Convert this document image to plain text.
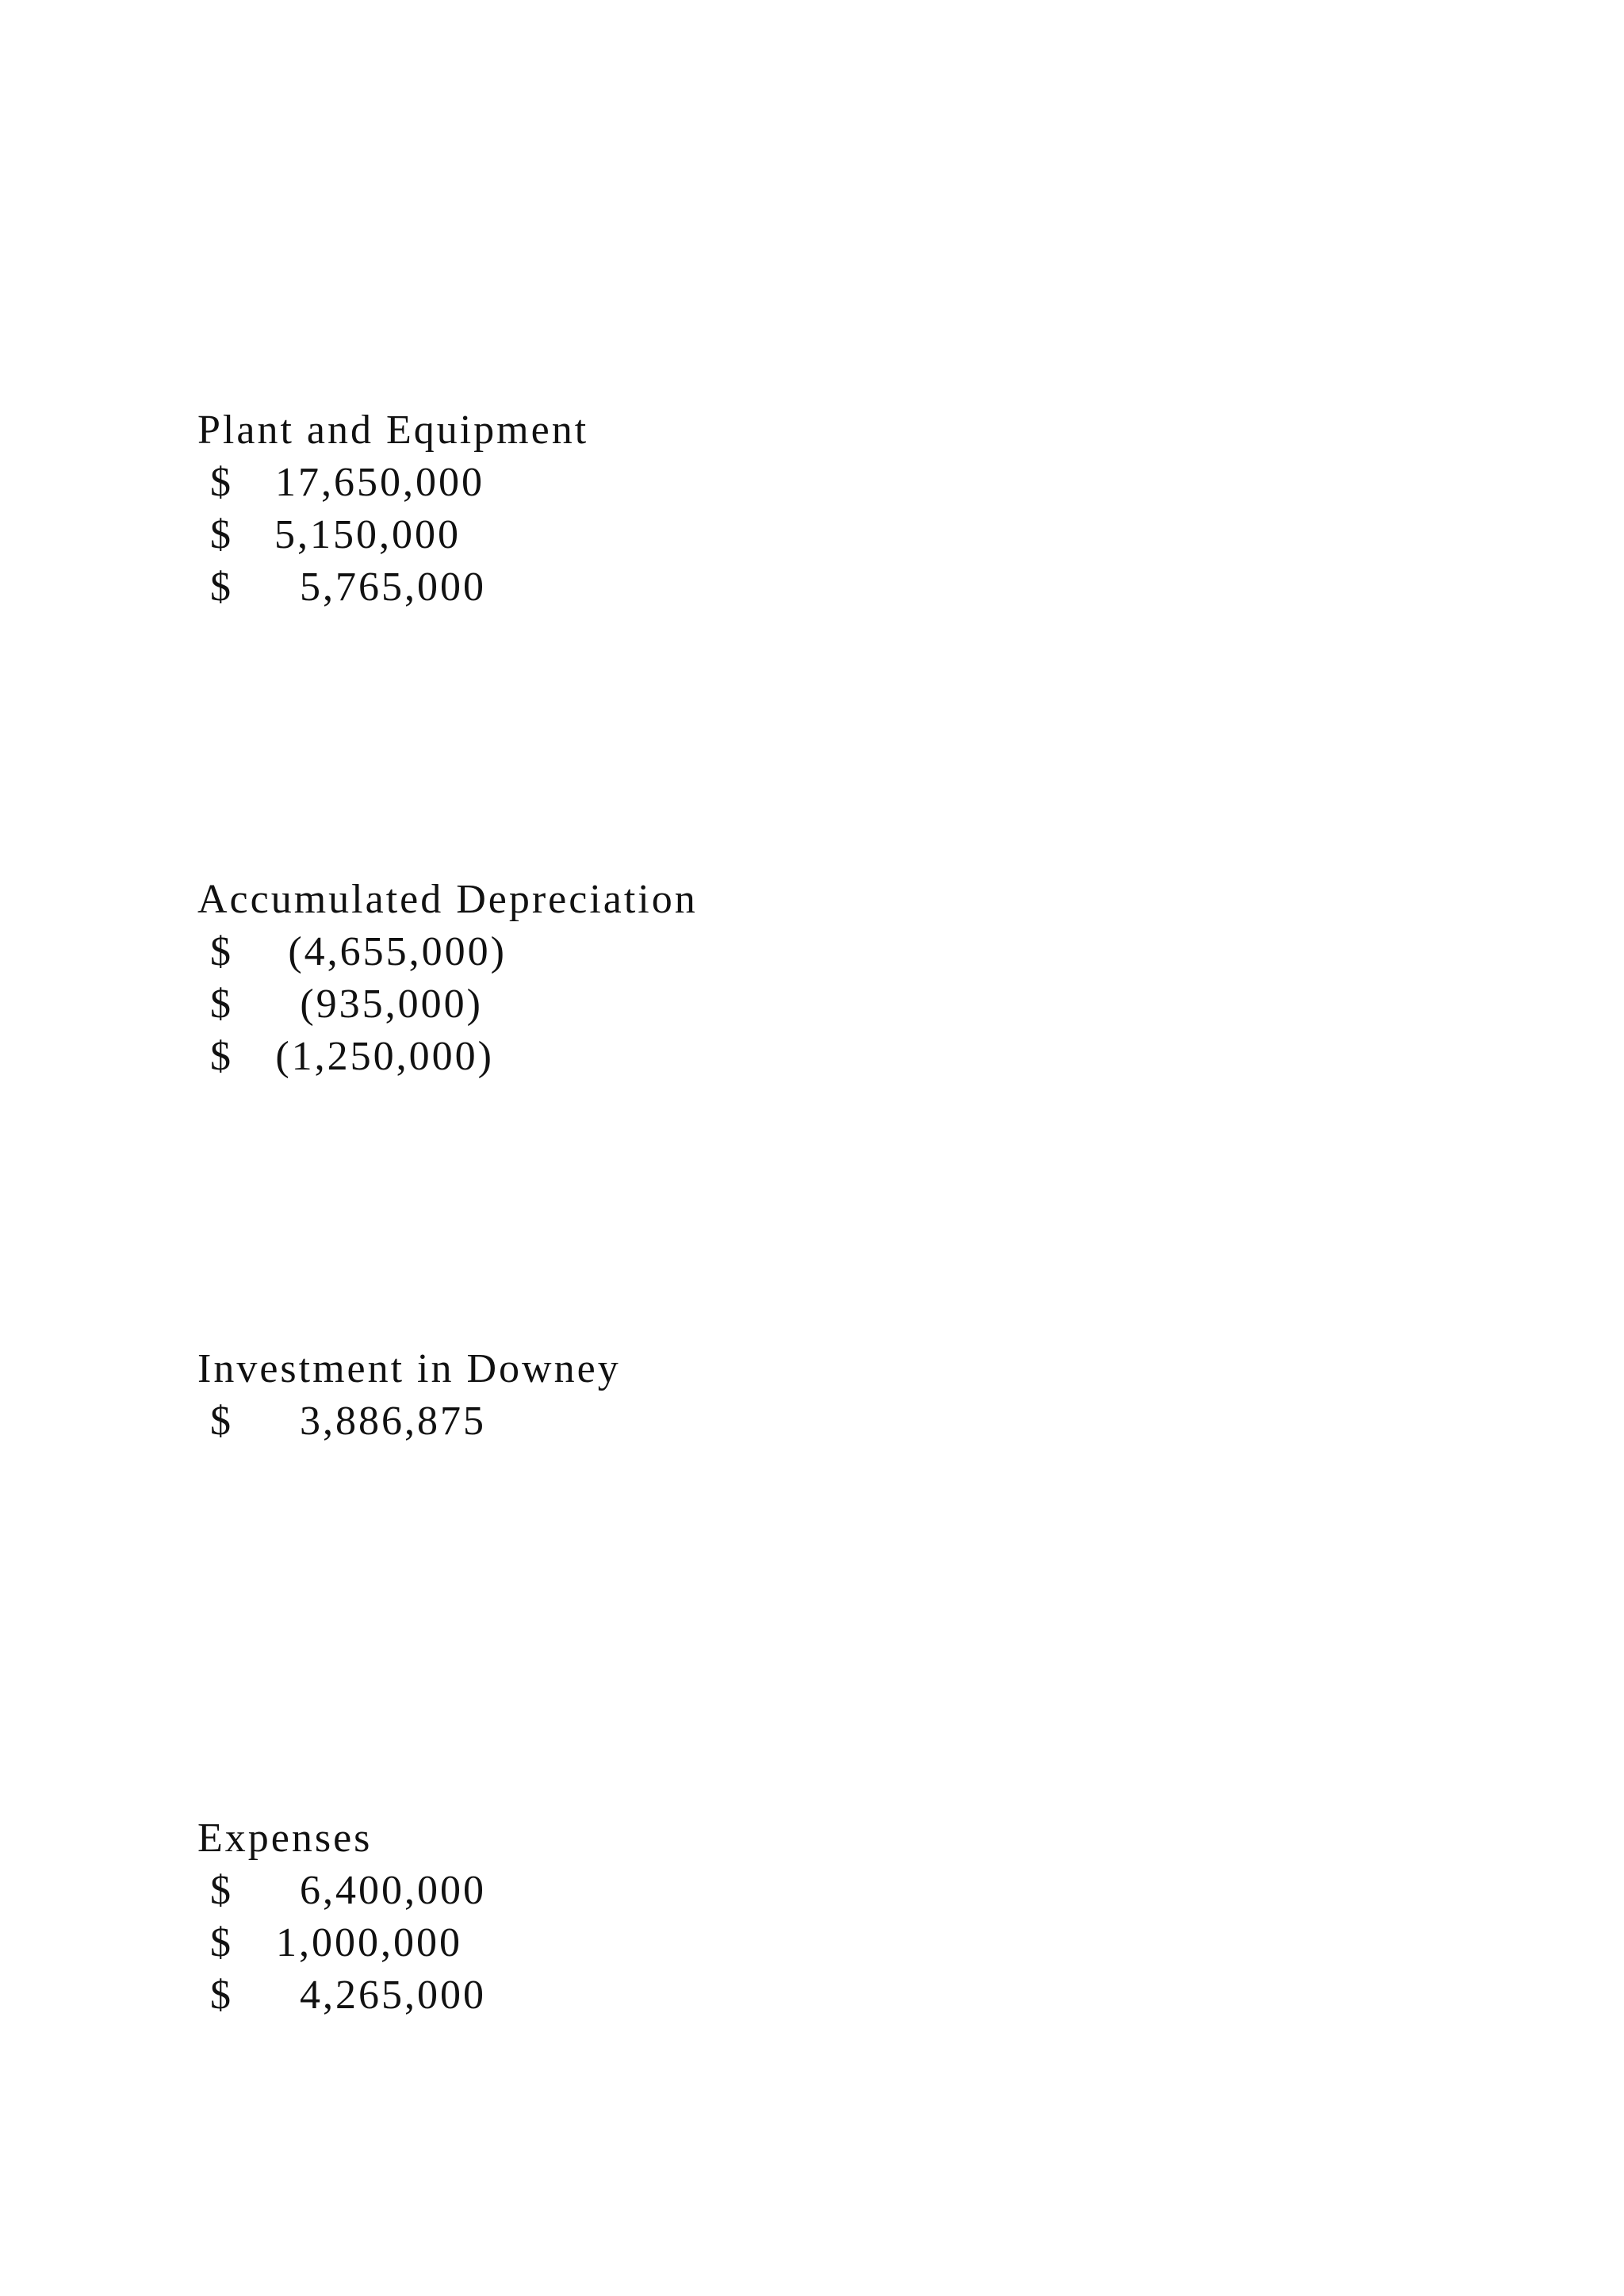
Plant and Equipment

$

17,650,000

$

5,150,000

$

5,765,000

Accumulated Depreciation

$

(4,655,000)

$

(935,000)

$

(1,250,000)

Investment in Downey

$

3,886,875

Expenses

$

6,400,000

$

1,000,000

$

4,265,000
